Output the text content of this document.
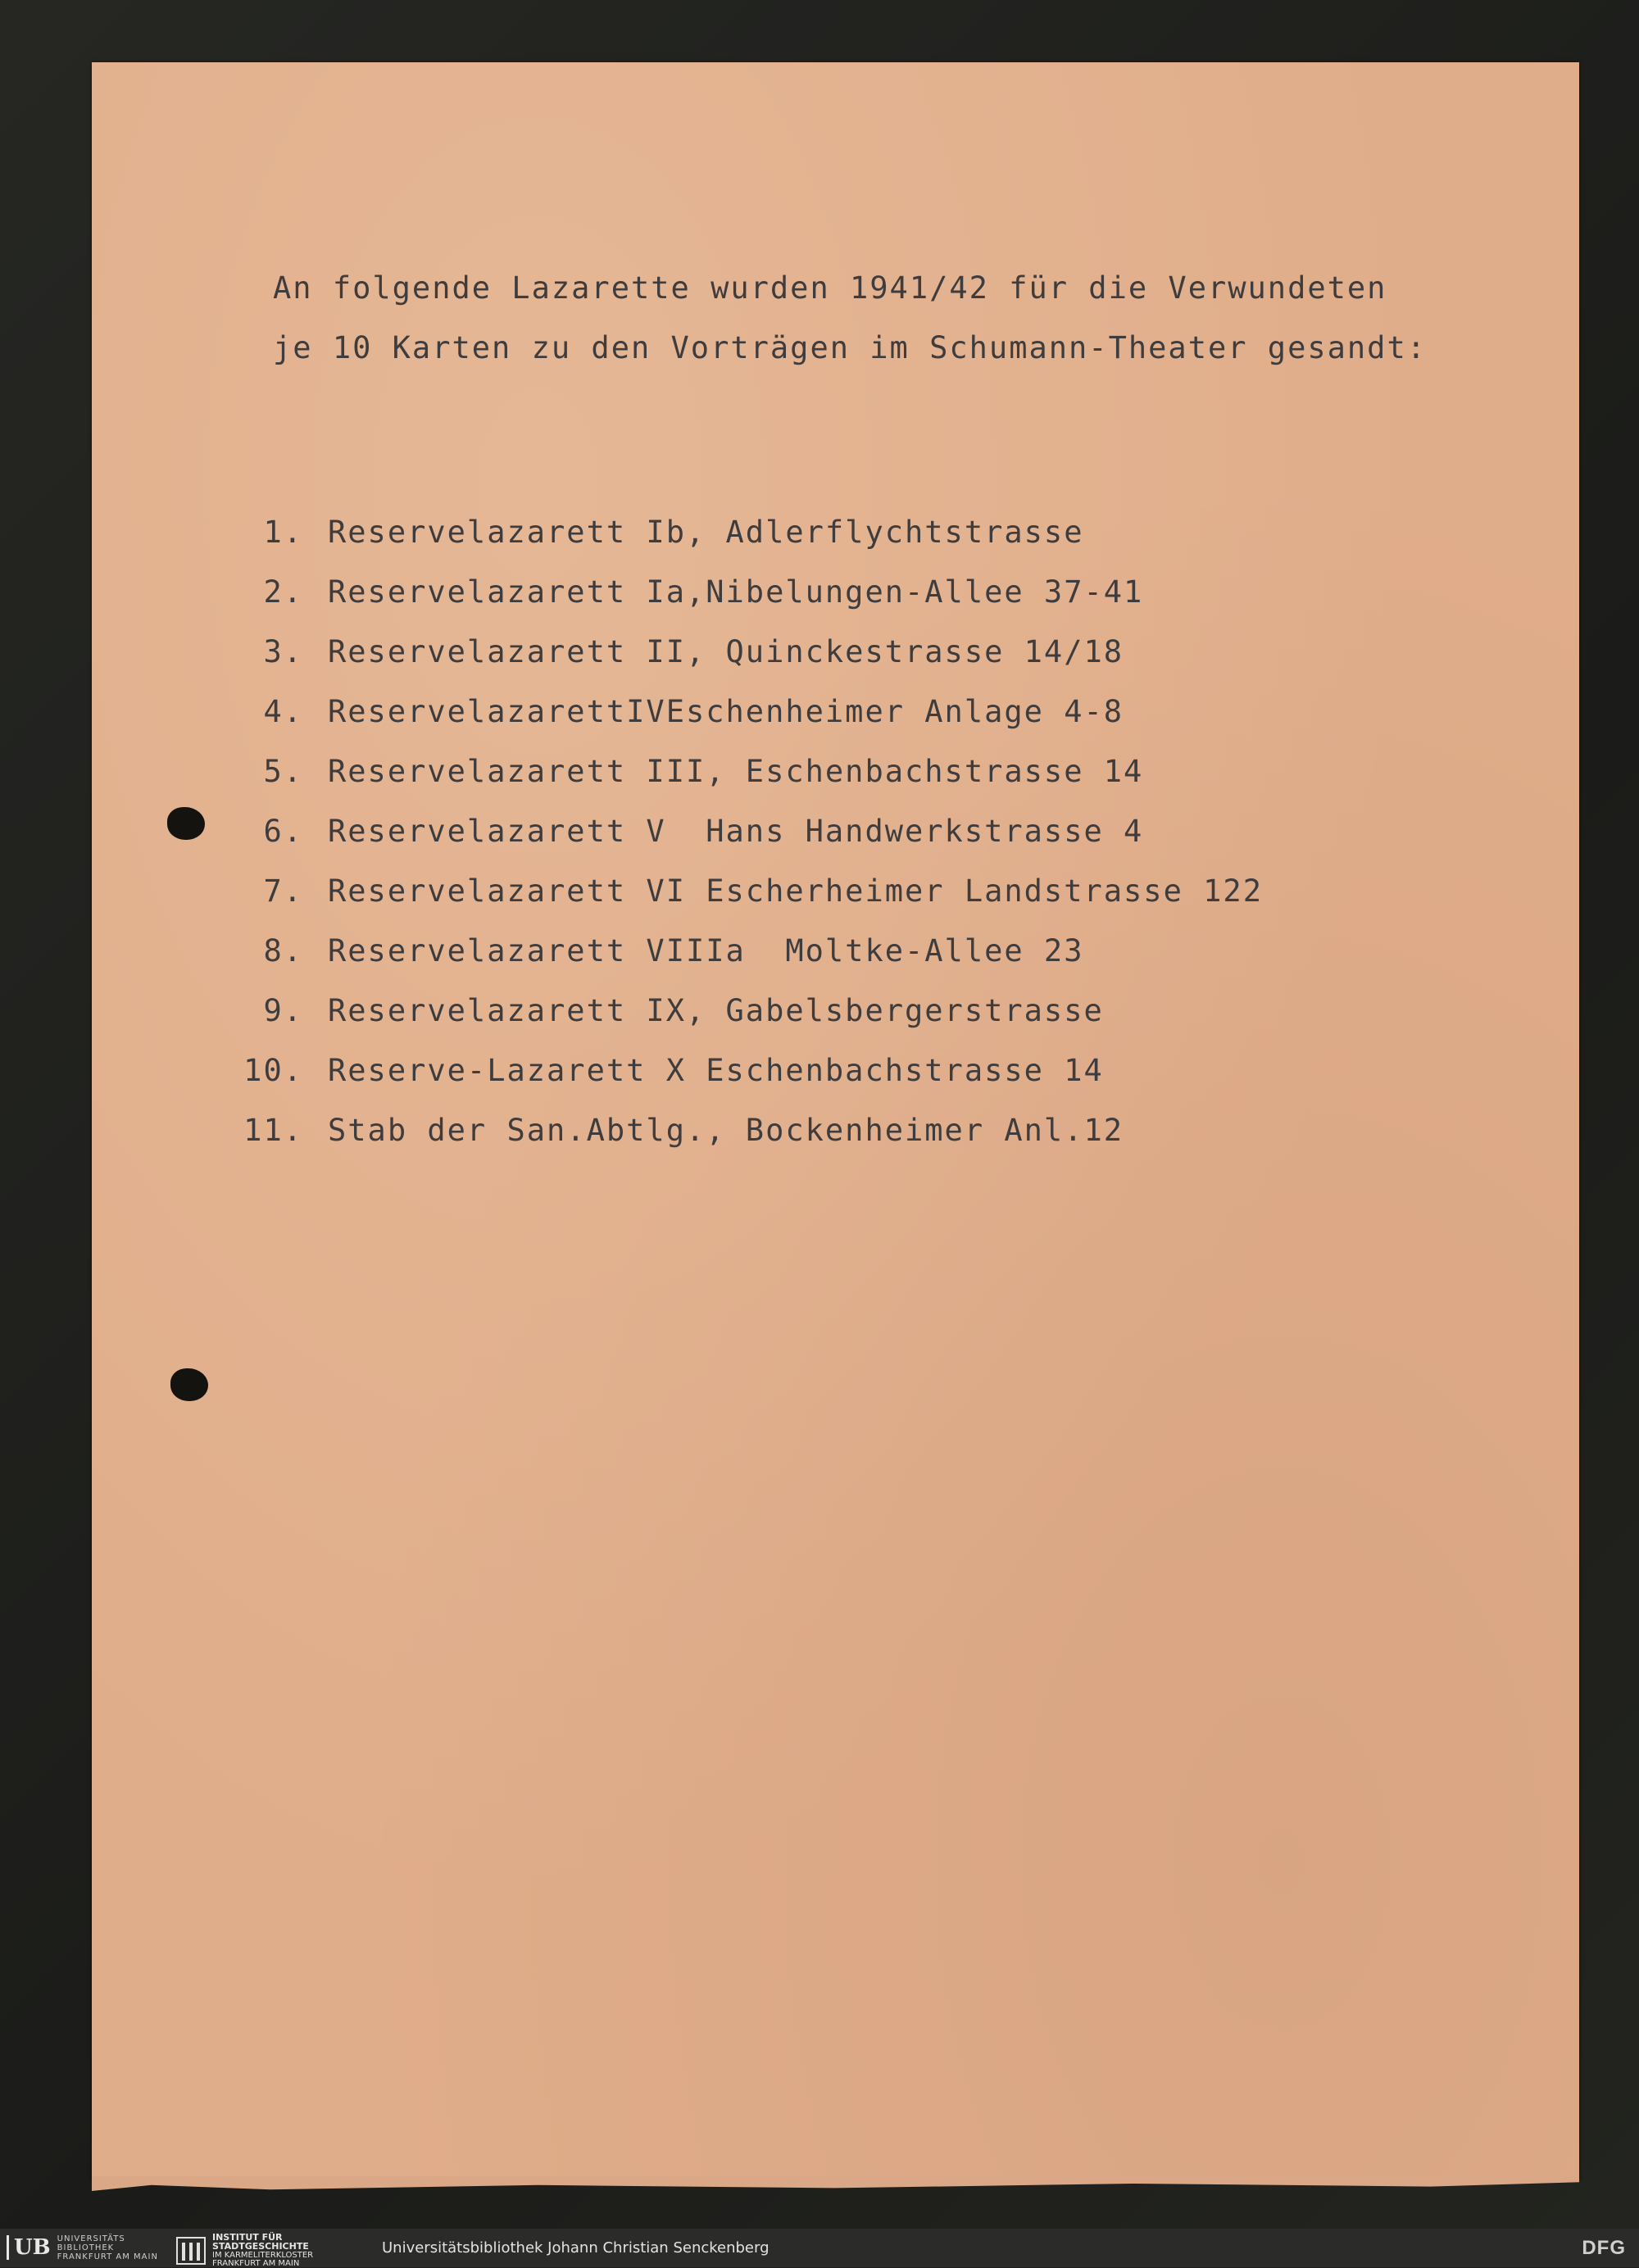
An folgende Lazarette wurden 1941/42 für die Verwundeten
je 10 Karten zu den Vorträgen im Schumann-Theater gesandt:
1. Reservelazarett Ib, Adlerflychtstrasse
2. Reservelazarett Ia,Nibelungen-Allee 37-41
3. Reservelazarett II, Quinckestrasse 14/18
4. ReservelazarettIVEschenheimer Anlage 4-8
5. Reservelazarett III, Eschenbachstrasse 14
6. Reservelazarett V  Hans Handwerkstrasse 4
7. Reservelazarett VI Escherheimer Landstrasse 122
8. Reservelazarett VIIIa  Moltke-Allee 23
9. Reservelazarett IX, Gabelsbergerstrasse
10. Reserve-Lazarett X Eschenbachstrasse 14
11. Stab der San.Abtlg., Bockenheimer Anl.12
UB UNIVERSITÄTS
BIBLIOTHEK
FRANKFURT AM MAIN
INSTITUT FÜR
STADTGESCHICHTE
IM KARMELITERKLOSTER
FRANKFURT AM MAIN
Universitätsbibliothek Johann Christian Senckenberg	DFG
